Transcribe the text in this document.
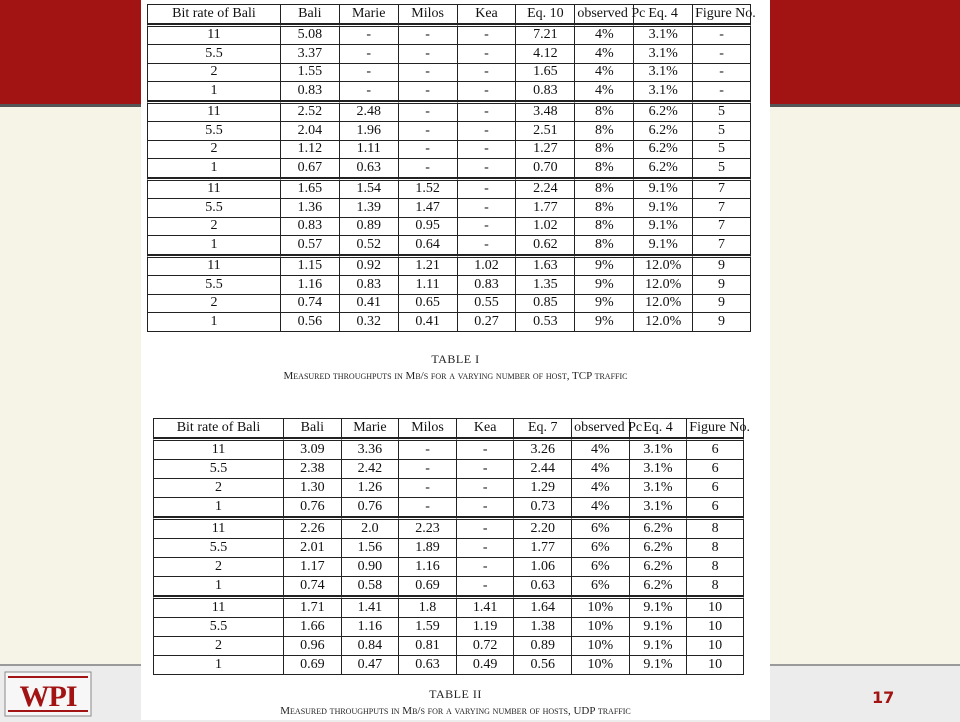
WPI	17
Bit rate of Bali	Bali	Marie	Milos	Kea	Eq. 10	observed Pc	Eq. 4	Figure No.
11	5.08	-	-	-	7.21	4%	3.1%	-
5.5	3.37	-	-	-	4.12	4%	3.1%	-
2	1.55	-	-	-	1.65	4%	3.1%	-
1	0.83	-	-	-	0.83	4%	3.1%	-
11	2.52	2.48	-	-	3.48	8%	6.2%	5
5.5	2.04	1.96	-	-	2.51	8%	6.2%	5
2	1.12	1.11	-	-	1.27	8%	6.2%	5
1	0.67	0.63	-	-	0.70	8%	6.2%	5
11	1.65	1.54	1.52	-	2.24	8%	9.1%	7
5.5	1.36	1.39	1.47	-	1.77	8%	9.1%	7
2	0.83	0.89	0.95	-	1.02	8%	9.1%	7
1	0.57	0.52	0.64	-	0.62	8%	9.1%	7
11	1.15	0.92	1.21	1.02	1.63	9%	12.0%	9
5.5	1.16	0.83	1.11	0.83	1.35	9%	12.0%	9
2	0.74	0.41	0.65	0.55	0.85	9%	12.0%	9
1	0.56	0.32	0.41	0.27	0.53	9%	12.0%	9
TABLE I
Measured throughputs in Mb/s for a varying number of host, TCP traffic
Bit rate of Bali	Bali	Marie	Milos	Kea	Eq. 7	observed Pc	Eq. 4	Figure No.
11	3.09	3.36	-	-	3.26	4%	3.1%	6
5.5	2.38	2.42	-	-	2.44	4%	3.1%	6
2	1.30	1.26	-	-	1.29	4%	3.1%	6
1	0.76	0.76	-	-	0.73	4%	3.1%	6
11	2.26	2.0	2.23	-	2.20	6%	6.2%	8
5.5	2.01	1.56	1.89	-	1.77	6%	6.2%	8
2	1.17	0.90	1.16	-	1.06	6%	6.2%	8
1	0.74	0.58	0.69	-	0.63	6%	6.2%	8
11	1.71	1.41	1.8	1.41	1.64	10%	9.1%	10
5.5	1.66	1.16	1.59	1.19	1.38	10%	9.1%	10
2	0.96	0.84	0.81	0.72	0.89	10%	9.1%	10
1	0.69	0.47	0.63	0.49	0.56	10%	9.1%	10
TABLE II
Measured throughputs in Mb/s for a varying number of hosts, UDP traffic
